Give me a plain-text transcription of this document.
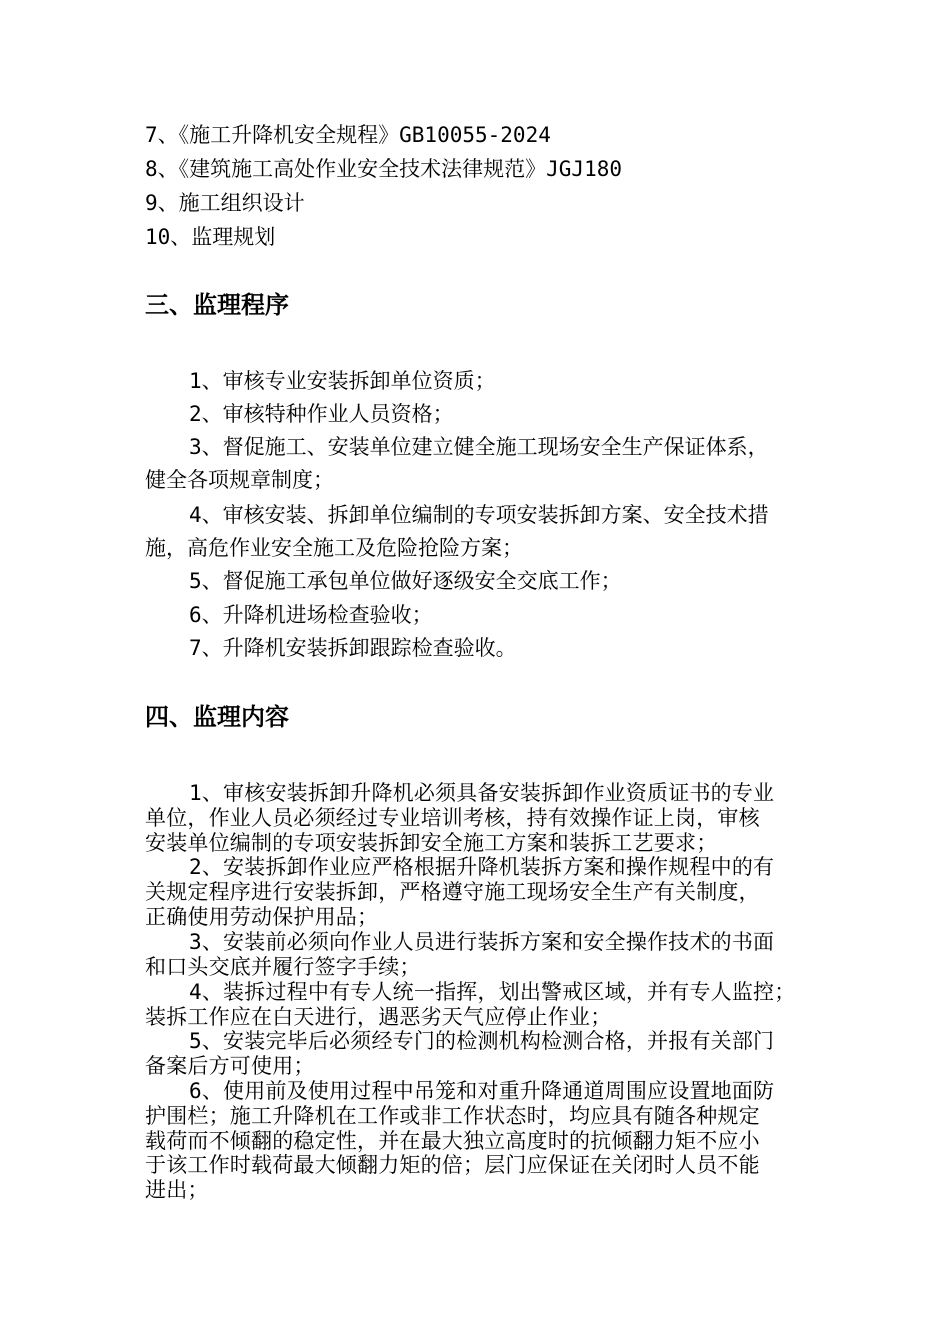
7、《施工升降机安全规程》GB10055-2024
8、《建筑施工高处作业安全技术法律规范》JGJ180
9、施工组织设计
10、监理规划
三、监理程序
1、审核专业安装拆卸单位资质；
2、审核特种作业人员资格；
3、督促施工、安装单位建立健全施工现场安全生产保证体系，
健全各项规章制度；
4、审核安装、拆卸单位编制的专项安装拆卸方案、安全技术措
施，高危作业安全施工及危险抢险方案；
5、督促施工承包单位做好逐级安全交底工作；
6、升降机进场检查验收；
7、升降机安装拆卸跟踪检查验收。
四、监理内容
1、审核安装拆卸升降机必须具备安装拆卸作业资质证书的专业
单位，作业人员必须经过专业培训考核，持有效操作证上岗，审核
安装单位编制的专项安装拆卸安全施工方案和装拆工艺要求；
2、安装拆卸作业应严格根据升降机装拆方案和操作规程中的有
关规定程序进行安装拆卸，严格遵守施工现场安全生产有关制度，
正确使用劳动保护用品；
3、安装前必须向作业人员进行装拆方案和安全操作技术的书面
和口头交底并履行签字手续；
4、装拆过程中有专人统一指挥，划出警戒区域，并有专人监控；
装拆工作应在白天进行，遇恶劣天气应停止作业；
5、安装完毕后必须经专门的检测机构检测合格，并报有关部门
备案后方可使用；
6、使用前及使用过程中吊笼和对重升降通道周围应设置地面防
护围栏；施工升降机在工作或非工作状态时，均应具有随各种规定
载荷而不倾翻的稳定性，并在最大独立高度时的抗倾翻力矩不应小
于该工作时载荷最大倾翻力矩的倍；层门应保证在关闭时人员不能
进出；
